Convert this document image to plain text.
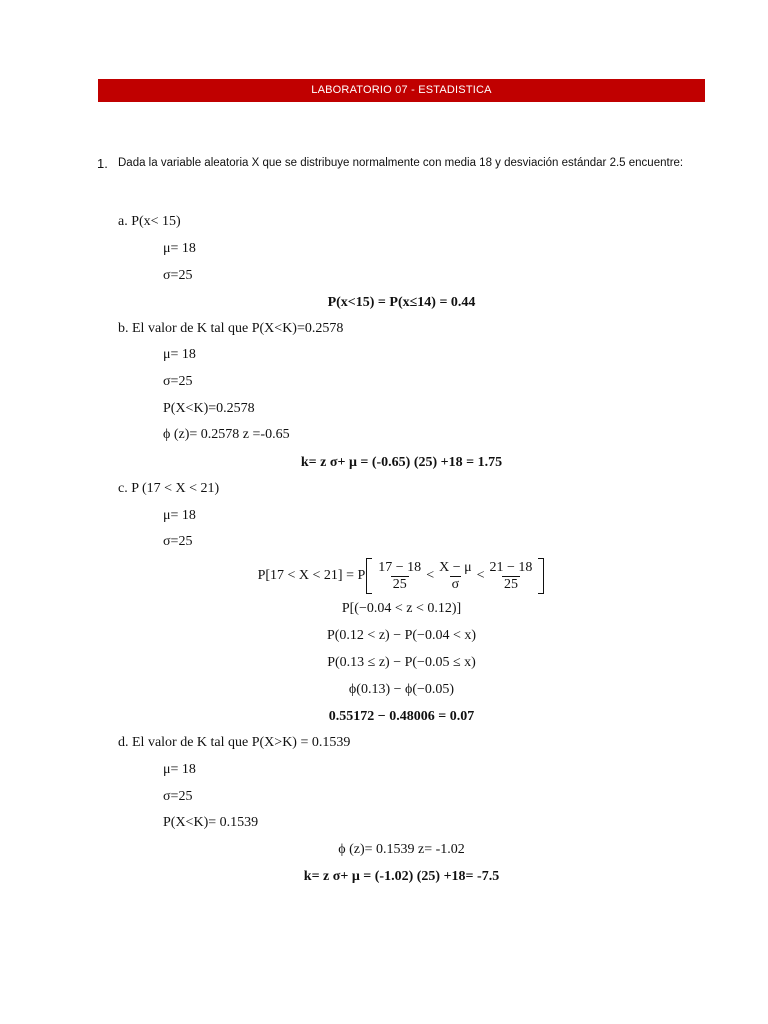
LABORATORIO 07 - ESTADISTICA
1. Dada la variable aleatoria X que se distribuye normalmente con media 18 y desviación estándar 2.5 encuentre:
a. P(x< 15)
μ= 18
σ=25
P(x<15) = P(x≤14) = 0.44
b. El valor de K tal que P(X<K)=0.2578
μ= 18
σ=25
P(X<K)=0.2578
ϕ (z)= 0.2578 z =-0.65
k= z σ+ μ = (-0.65) (25) +18 = 1.75
c. P (17 < X < 21)
μ= 18
σ=25
P[17 < X < 21] = P $\frac{17 - 18}{25} < \frac{X - \mu}{\sigma} < \frac{21 - 18}{25}$
P[(−0.04 < z < 0.12)]
P(0.12 < z) − P(−0.04 < x)
P(0.13 ≤ z) − P(−0.05 ≤ x)
ϕ(0.13) − ϕ(−0.05)
0.55172 − 0.48006 = 0.07
d. El valor de K tal que P(X>K) = 0.1539
μ= 18
σ=25
P(X<K)= 0.1539
ϕ (z)= 0.1539 z= -1.02
k= z σ+ μ = (-1.02) (25) +18= -7.5
